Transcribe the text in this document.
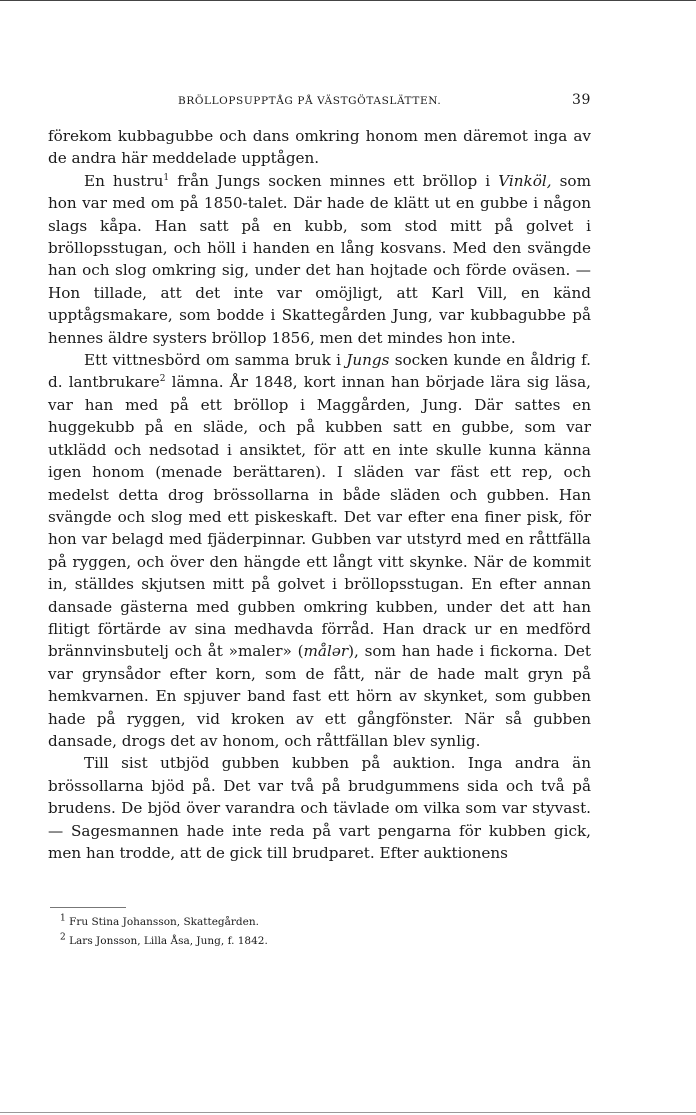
BRÖLLOPSUPPTÅG PÅ VÄSTGÖTASLÄTTEN.	39

förekom kubbagubbe och dans omkring honom men däremot inga av de andra här meddelade upptågen.

En hustru$^1$ från Jungs socken minnes ett bröllop i Vinköl, som hon var med om på 1850-talet. Där hade de klätt ut en gubbe i någon slags kåpa. Han satt på en kubb, som stod mitt på golvet i bröllopsstugan, och höll i handen en lång kosvans. Med den svängde han och slog omkring sig, under det han hojtade och förde oväsen. — Hon tillade, att det inte var omöjligt, att Karl Vill, en känd upptågsmakare, som bodde i Skattegården Jung, var kubbagubbe på hennes äldre systers bröllop 1856, men det mindes hon inte.

Ett vittnesbörd om samma bruk i Jungs socken kunde en åldrig f. d. lantbrukare$^2$ lämna. År 1848, kort innan han började lära sig läsa, var han med på ett bröllop i Maggården, Jung. Där sattes en huggekubb på en släde, och på kubben satt en gubbe, som var utklädd och nedsotad i ansiktet, för att en inte skulle kunna känna igen honom (menade berättaren). I släden var fäst ett rep, och medelst detta drog brössollarna in både släden och gubben. Han svängde och slog med ett piskeskaft. Det var efter ena finer pisk, för hon var belagd med fjäderpinnar. Gubben var utstyrd med en råttfälla på ryggen, och över den hängde ett långt vitt skynke. När de kommit in, ställdes skjutsen mitt på golvet i bröllopsstugan. En efter annan dansade gästerna med gubben omkring kubben, under det att han flitigt förtärde av sina medhavda förråd. Han drack ur en medförd brännvinsbutelj och åt »maler» (målər), som han hade i fickorna. Det var grynsådor efter korn, som de fått, när de hade malt gryn på hemkvarnen. En spjuver band fast ett hörn av skynket, som gubben hade på ryggen, vid kroken av ett gångfönster. När så gubben dansade, drogs det av honom, och råttfällan blev synlig.

Till sist utbjöd gubben kubben på auktion. Inga andra än brössollarna bjöd på. Det var två på brudgummens sida och två på brudens. De bjöd över varandra och tävlade om vilka som var styvast. — Sagesmannen hade inte reda på vart pengarna för kubben gick, men han trodde, att de gick till brudparet. Efter auktionens

$^1$ Fru Stina Johansson, Skattegården.
$^2$ Lars Jonsson, Lilla Åsa, Jung, f. 1842.
